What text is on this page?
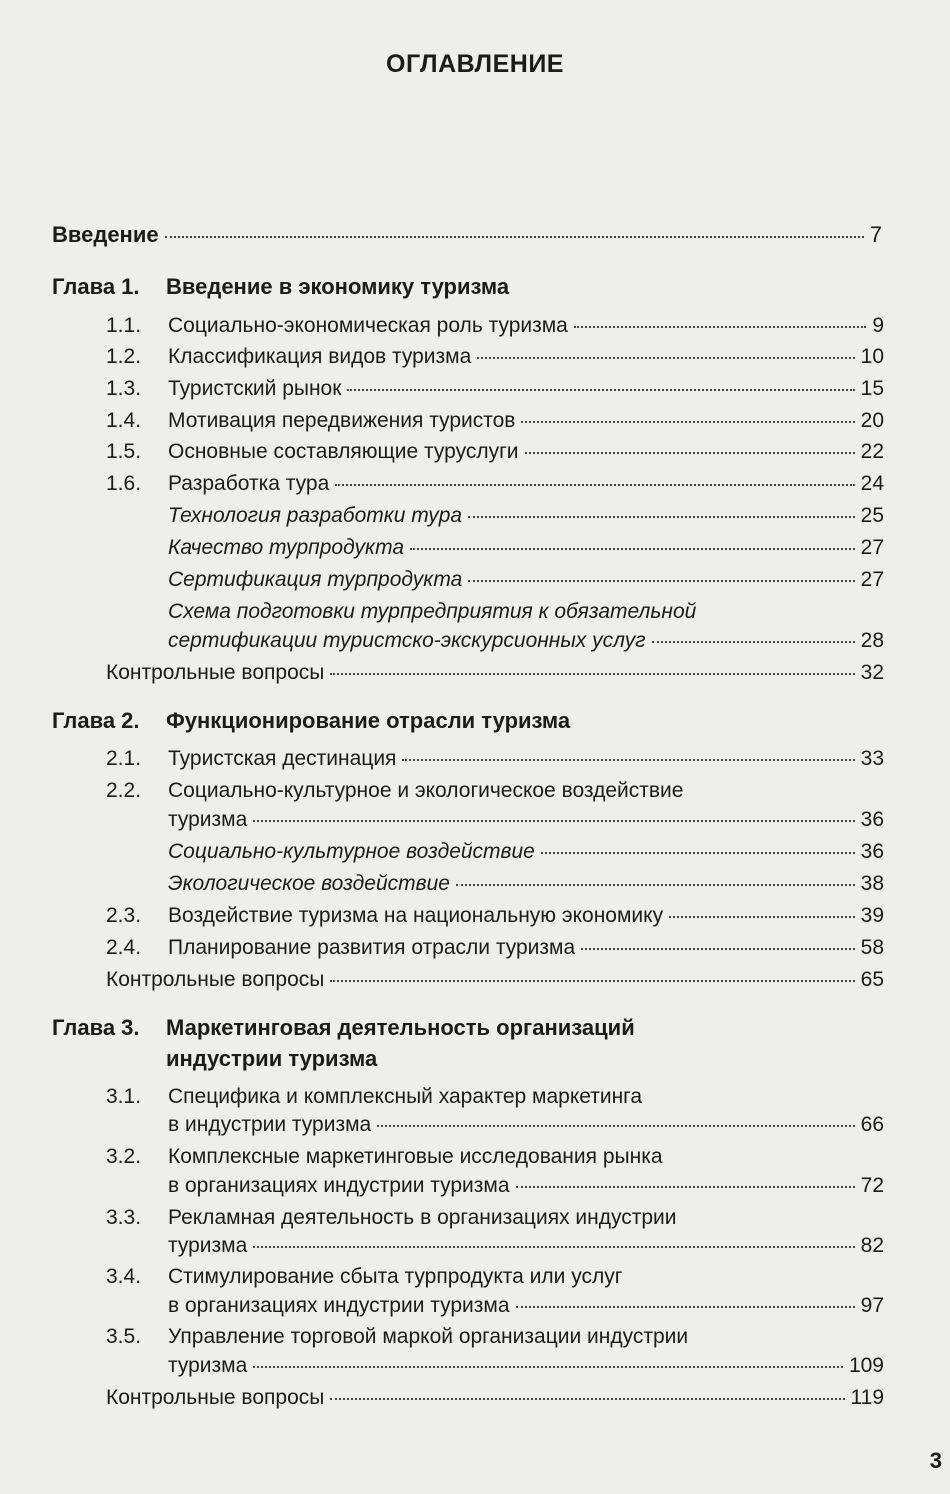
ОГЛАВЛЕНИЕ
Введение	7
Глава 1. Введение в экономику туризма
1.1.	Социально-экономическая роль туризма	9
1.2.	Классификация видов туризма	10
1.3.	Туристский рынок	15
1.4.	Мотивация передвижения туристов	20
1.5.	Основные составляющие туруслуги	22
1.6.	Разработка тура	24
Технология разработки тура	25
Качество турпродукта	27
Сертификация турпродукта	27
Схема подготовки турпредприятия к обязательной
сертификации туристско-экскурсионных услуг	28
Контрольные вопросы	32
Глава 2. Функционирование отрасли туризма
2.1.	Туристская дестинация	33
2.2.	Социально-культурное и экологическое воздействие
туризма	36
Социально-культурное воздействие	36
Экологическое воздействие	38
2.3.	Воздействие туризма на национальную экономику	39
2.4.	Планирование развития отрасли туризма	58
Контрольные вопросы	65
Глава 3. Маркетинговая деятельность организаций
индустрии туризма
3.1.	Специфика и комплексный характер маркетинга
в индустрии туризма	66
3.2.	Комплексные маркетинговые исследования рынка
в организациях индустрии туризма	72
3.3.	Рекламная деятельность в организациях индустрии
туризма	82
3.4.	Стимулирование сбыта турпродукта или услуг
в организациях индустрии туризма	97
3.5.	Управление торговой маркой организации индустрии
туризма	109
Контрольные вопросы	119
3
